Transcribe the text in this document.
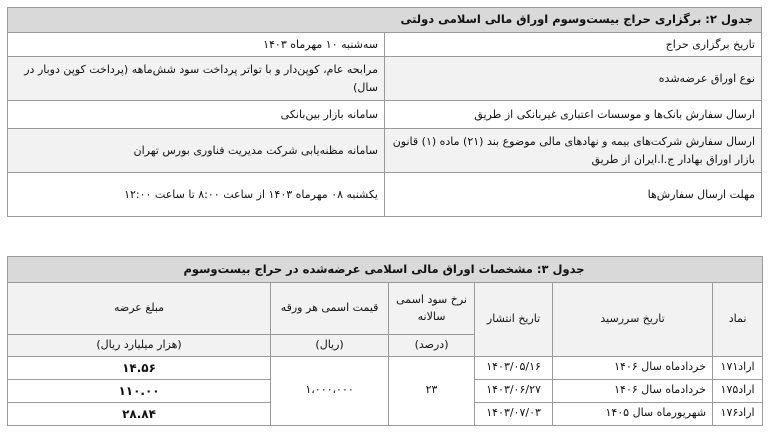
جدول ۲: برگزاری حراج بیست‌وسوم اوراق مالی اسلامی دولتی	
تاریخ برگزاری حراج	سه‌شنبه ۱۰ مهرماه ۱۴۰۳
نوع اوراق عرضه‌شده	مرابحه عام، کوپن‌دار و با تواتر پرداخت سود شش‌ماهه (پرداخت کوپن دوبار در سال)
ارسال سفارش بانک‌ها و موسسات اعتباری غیربانکی از طریق	سامانه بازار بین‌بانکی
ارسال سفارش شرکت‌های بیمه و نهادهای مالی موضوع بند (۲۱) ماده (۱) قانون بازار اوراق بهادار ج.ا.ایران از طریق	سامانه مظنه‌یابی شرکت مدیریت فناوری بورس تهران
مهلت ارسال سفارش‌ها	یکشنبه ۰۸ مهرماه ۱۴۰۳ از ساعت ۸:۰۰ تا ساعت ۱۲:۰۰
جدول ۳: مشخصات اوراق مالی اسلامی عرضه‌شده در حراج بیست‌وسوم					
نماد	تاریخ سررسید	تاریخ انتشار	نرخ سود اسمی سالانه	قیمت اسمی هر ورقه	مبلغ عرضه
			(درصد)	(ریال)	(هزار میلیارد ریال)
اراد۱۷۱	خردادماه سال ۱۴۰۶	۱۴۰۳/۰۵/۱۶	۲۳	۱،۰۰۰،۰۰۰	۱۴.۵۶
اراد۱۷۵	خردادماه سال ۱۴۰۶	۱۴۰۳/۰۶/۲۷			۱۱۰.۰۰
اراد۱۷۶	شهریورماه سال ۱۴۰۵	۱۴۰۳/۰۷/۰۳			۲۸.۸۴
